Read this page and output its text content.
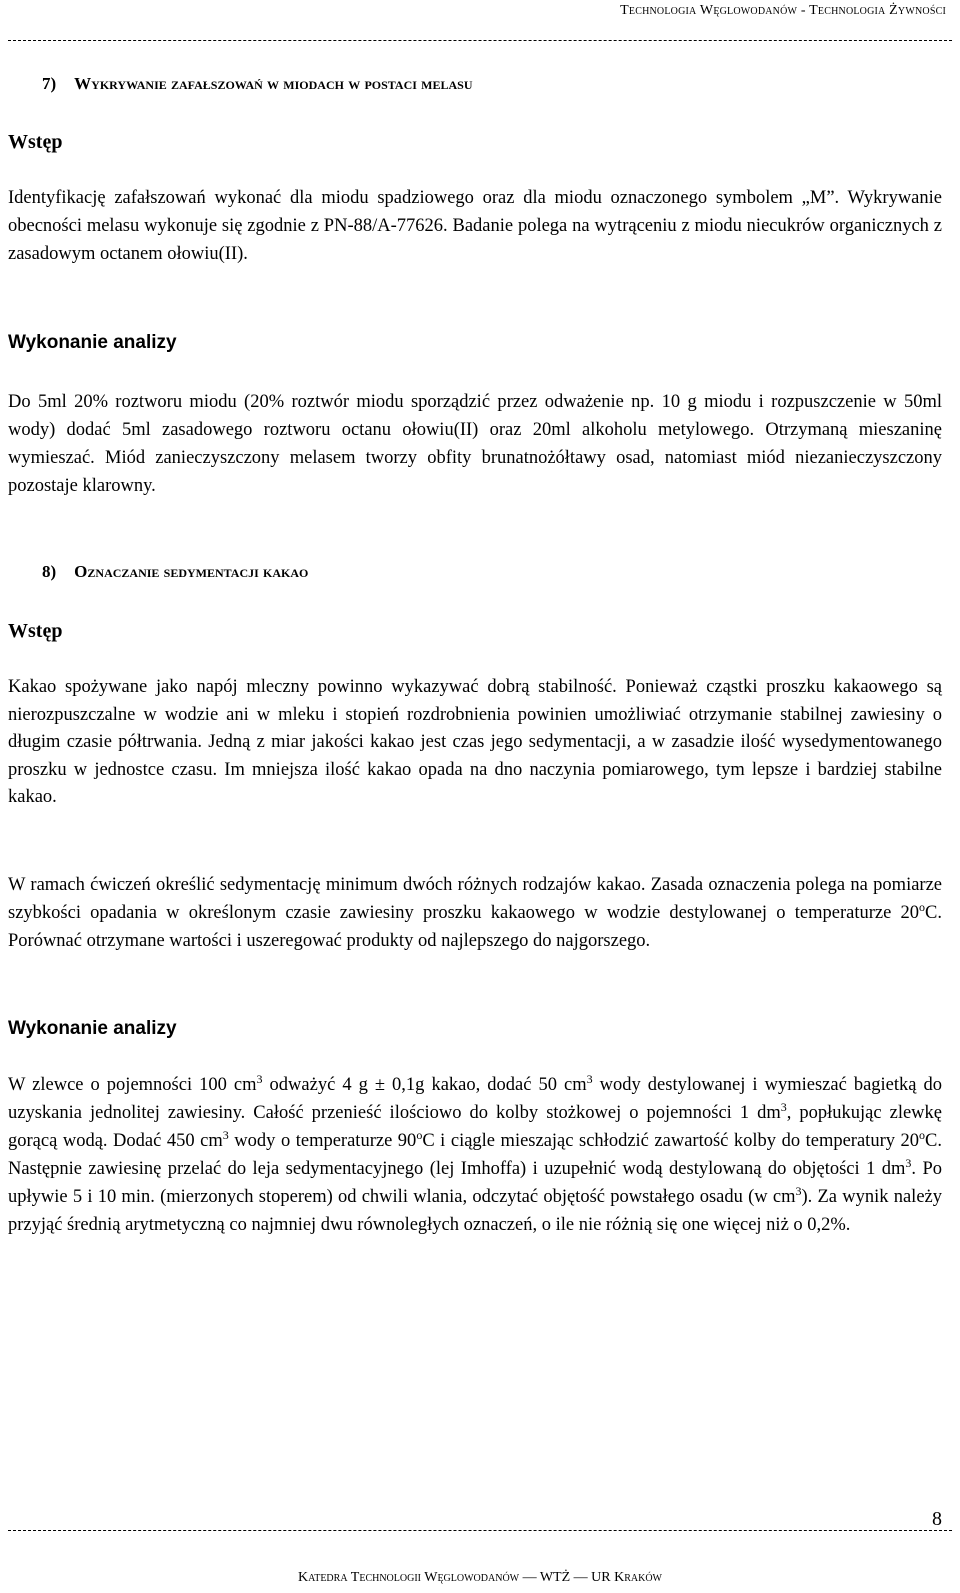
Technologia Węglowodanów - Technologia Żywności
7) Wykrywanie zafałszowań w miodach w postaci melasu
Wstęp

Identyfikację zafałszowań wykonać dla miodu spadziowego oraz dla miodu oznaczonego symbolem „M”. Wykrywanie obecności melasu wykonuje się zgodnie z PN-88/A-77626. Badanie polega na wytrąceniu z miodu niecukrów organicznych z zasadowym octanem ołowiu(II).

Wykonanie analizy

Do 5ml 20% roztworu miodu (20% roztwór miodu sporządzić przez odważenie np. 10 g miodu i rozpuszczenie w 50ml wody) dodać 5ml zasadowego roztworu octanu ołowiu(II) oraz 20ml alkoholu metylowego. Otrzymaną mieszaninę wymieszać. Miód zanieczyszczony melasem tworzy obfity brunatnożółtawy osad, natomiast miód niezanieczyszczony pozostaje klarowny.

8) Oznaczanie sedymentacji kakao
Wstęp

Kakao spożywane jako napój mleczny powinno wykazywać dobrą stabilność. Ponieważ cząstki proszku kakaowego są nierozpuszczalne w wodzie ani w mleku i stopień rozdrobnienia powinien umożliwiać otrzymanie stabilnej zawiesiny o długim czasie półtrwania. Jedną z miar jakości kakao jest czas jego sedymentacji, a w zasadzie ilość wysedymentowanego proszku w jednostce czasu. Im mniejsza ilość kakao opada na dno naczynia pomiarowego, tym lepsze i bardziej stabilne kakao.

W ramach ćwiczeń określić sedymentację minimum dwóch różnych rodzajów kakao. Zasada oznaczenia polega na pomiarze szybkości opadania w określonym czasie zawiesiny proszku kakaowego w wodzie destylowanej o temperaturze 20$^o$C. Porównać otrzymane wartości i uszeregować produkty od najlepszego do najgorszego.

Wykonanie analizy

W zlewce o pojemności 100 $cm^3$ odważyć 4 g ± 0,1g kakao, dodać 50 $cm^3$ wody destylowanej i wymieszać bagietką do uzyskania jednolitej zawiesiny. Całość przenieść ilościowo do kolby stożkowej o pojemności 1 $dm^3$, popłukując zlewkę gorącą wodą. Dodać 450 $cm^3$ wody o temperaturze 90$^o$C i ciągle mieszając schłodzić zawartość kolby do temperatury 20$^o$C. Następnie zawiesinę przelać do leja sedymentacyjnego (lej Imhoffa) i uzupełnić wodą destylowaną do objętości 1 $dm^3$. Po upływie 5 i 10 min. (mierzonych stoperem) od chwili wlania, odczytać objętość powstałego osadu (w $cm^3$). Za wynik należy przyjąć średnią arytmetyczną co najmniej dwu równoległych oznaczeń, o ile nie różnią się one więcej niż o 0,2%.

8
Katedra Technologii Węglowodanów — WTŻ — UR Kraków
